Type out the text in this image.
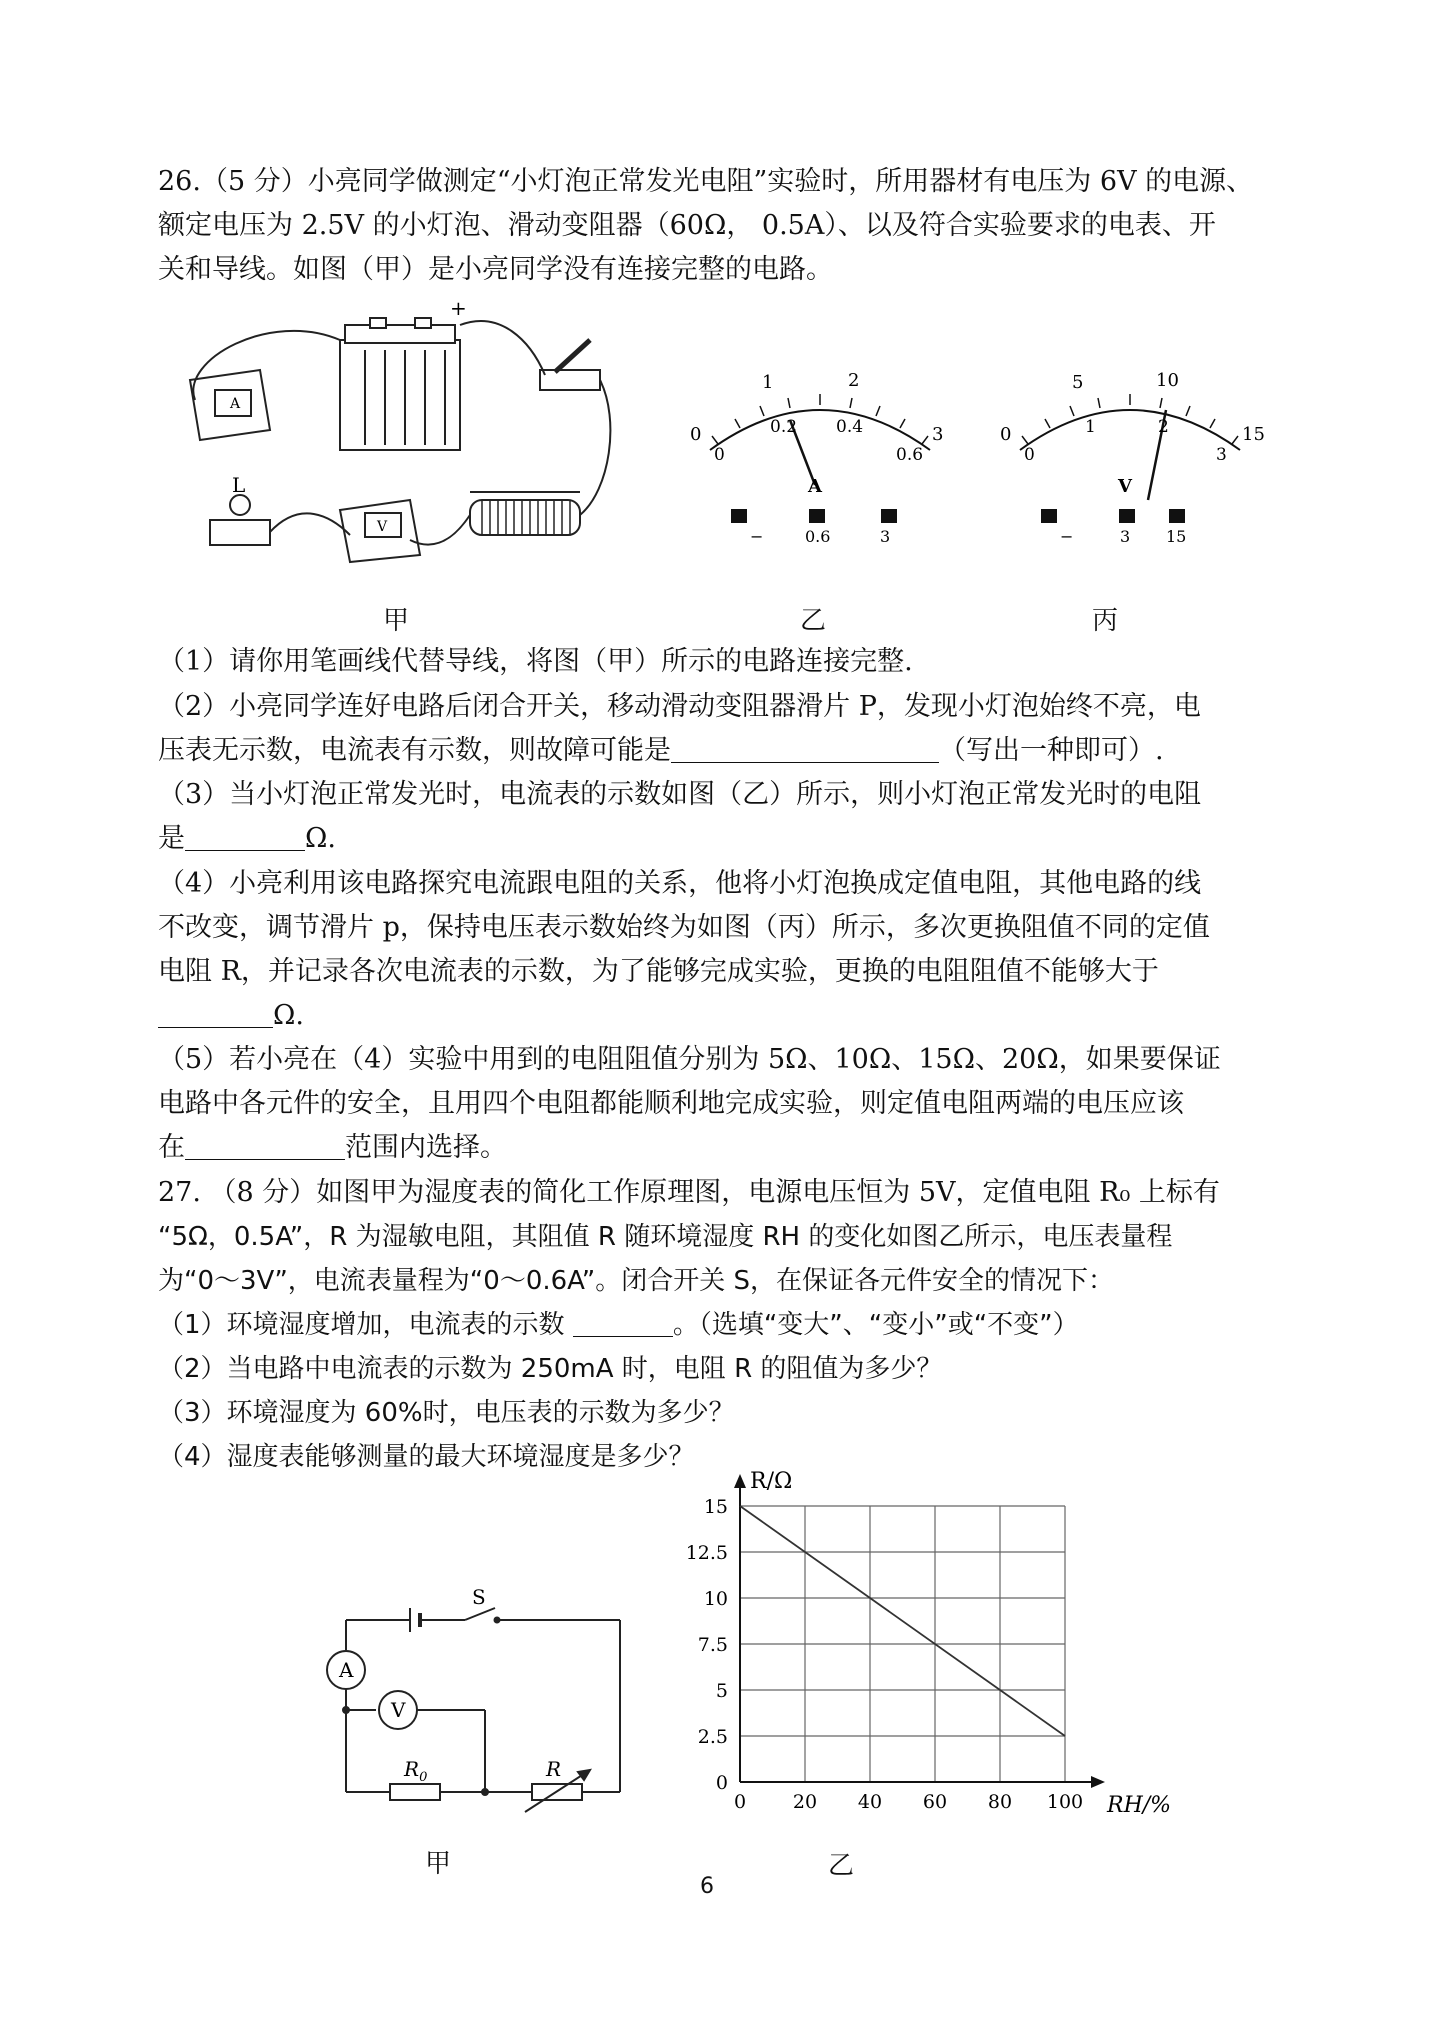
26.（5 分）小亮同学做测定“小灯泡正常发光电阻”实验时，所用器材有电压为 6V 的电源、
额定电压为 2.5V 的小灯泡、滑动变阻器（60Ω， 0.5A）、以及符合实验要求的电表、开
关和导线。如图（甲）是小亮同学没有连接完整的电路。
A
V
L
+
0
1	2
3
0
0.2 0.4
0.6
A
−	0.6	3
0
5	10
15
0
1	2
3
V
−	3 15
甲	乙	丙
（1）请你用笔画线代替导线，将图（甲）所示的电路连接完整.
（2）小亮同学连好电路后闭合开关，移动滑动变阻器滑片 P，发现小灯泡始终不亮，电
压表无示数，电流表有示数，则故障可能是	（写出一种即可）.
（3）当小灯泡正常发光时，电流表的示数如图（乙）所示，则小灯泡正常发光时的电阻
是	Ω.
（4）小亮利用该电路探究电流跟电阻的关系，他将小灯泡换成定值电阻，其他电路的线
不改变，调节滑片 p，保持电压表示数始终为如图（丙）所示，多次更换阻值不同的定值
电阻 R，并记录各次电流表的示数，为了能够完成实验，更换的电阻阻值不能够大于
Ω.
（5）若小亮在（4）实验中用到的电阻阻值分别为 5Ω、10Ω、15Ω、20Ω，如果要保证
电路中各元件的安全，且用四个电阻都能顺利地完成实验，则定值电阻两端的电压应该
在	范围内选择。
27. （8 分）如图甲为湿度表的简化工作原理图，电源电压恒为 5V，定值电阻 R₀ 上标有
“5Ω，0.5A”，R 为湿敏电阻，其阻值 R 随环境湿度 RH 的变化如图乙所示，电压表量程
为“0～3V”，电流表量程为“0～0.6A”。闭合开关 S，在保证各元件安全的情况下：
（1）环境湿度增加，电流表的示数	。（选填“变大”、“变小”或“不变”）
（2）当电路中电流表的示数为 250mA 时，电阻 R 的阻值为多少？
（3）环境湿度为 60%时，电压表的示数为多少？
（4）湿度表能够测量的最大环境湿度是多少？
S
A
V
$R_0$	R
甲
0 20 40 60 80 100
0
2.5
5
7.5
10
12.5
15
RH/%
R/Ω
乙
6
